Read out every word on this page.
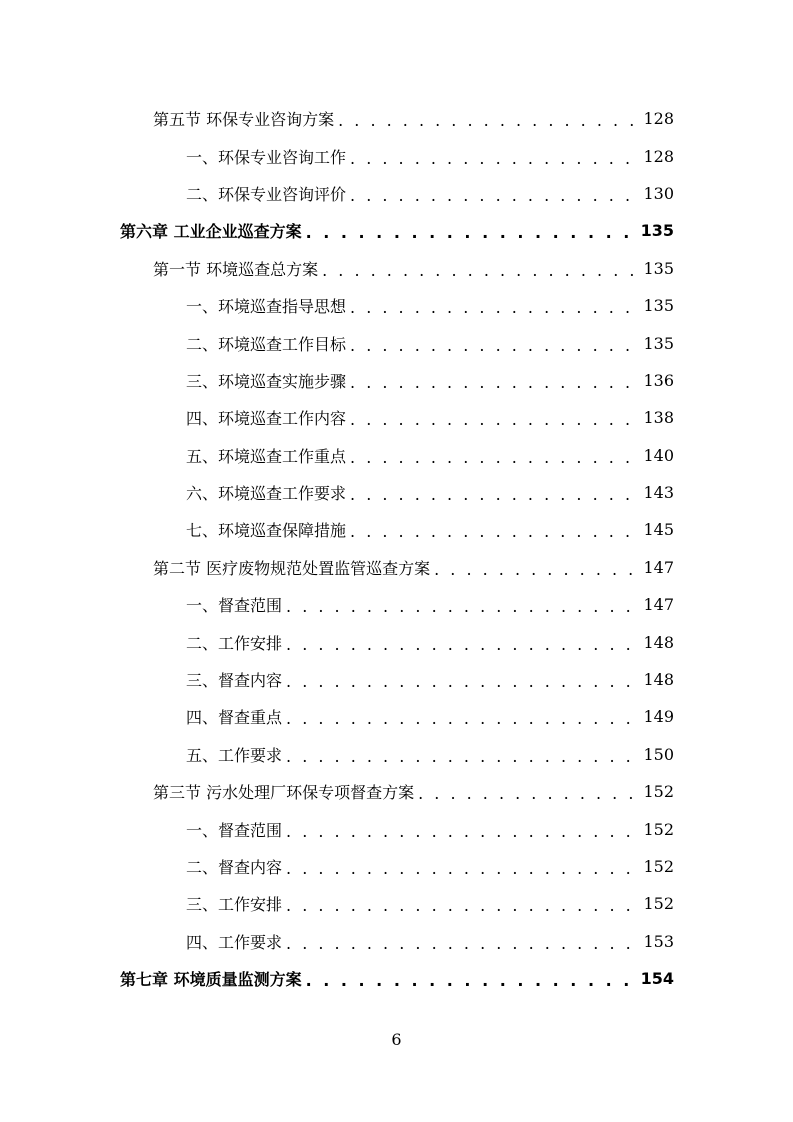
第五节 环保专业咨询方案 . . .	128
一、环保专业咨询工作 . . .	128
二、环保专业咨询评价 . . .	130
第六章 工业企业巡查方案 . . .	135
第一节 环境巡查总方案 . . .	135
一、环境巡查指导思想 . . .	135
二、环境巡查工作目标 . . .	135
三、环境巡查实施步骤 . . .	136
四、环境巡查工作内容 . . .	138
五、环境巡查工作重点 . . .	140
六、环境巡查工作要求 . . .	143
七、环境巡查保障措施 . . .	145
第二节 医疗废物规范处置监管巡查方案 . . .	147
一、督查范围 . . .	147
二、工作安排 . . .	148
三、督查内容 . . .	148
四、督查重点 . . .	149
五、工作要求 . . .	150
第三节 污水处理厂环保专项督查方案 . . .	152
一、督查范围 . . .	152
二、督查内容 . . .	152
三、工作安排 . . .	152
四、工作要求 . . .	153
第七章 环境质量监测方案 . . .	154
6
